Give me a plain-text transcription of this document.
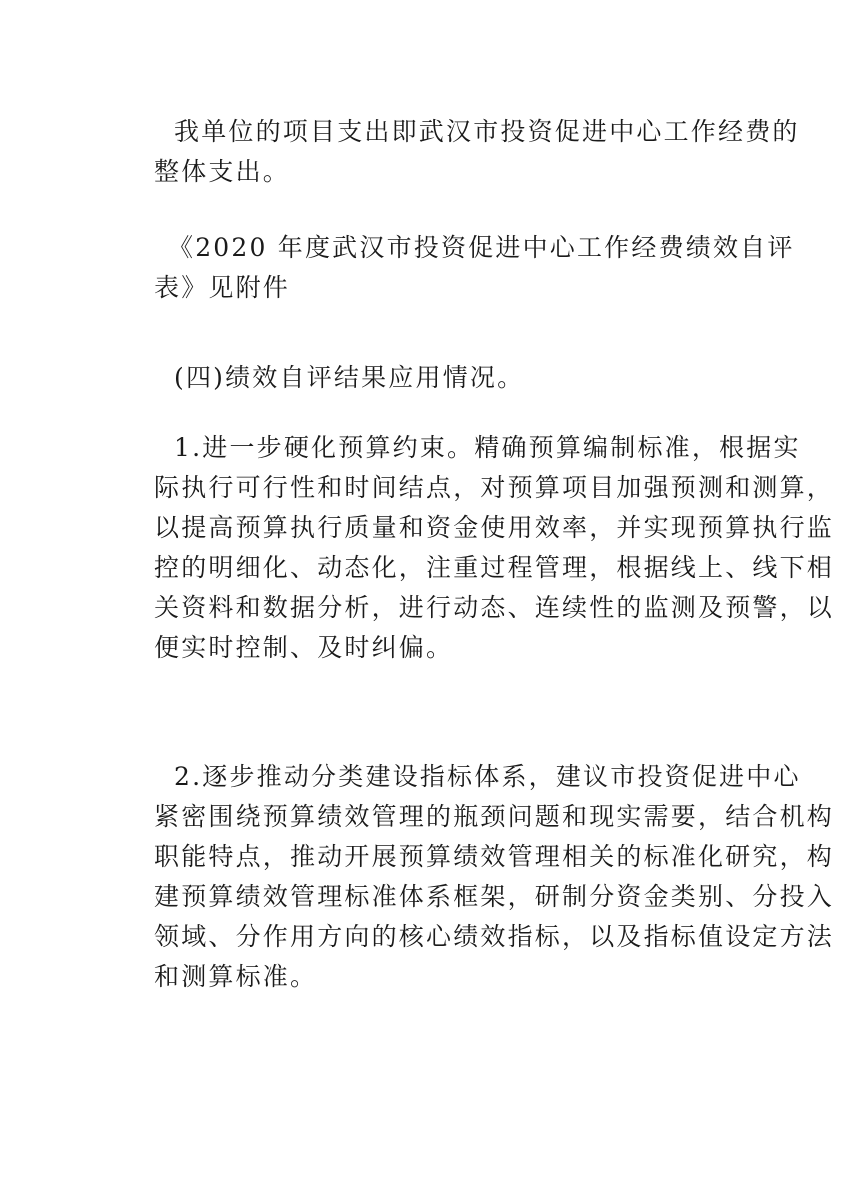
我单位的项目支出即武汉市投资促进中心工作经费的
整体支出。
《2020 年度武汉市投资促进中心工作经费绩效自评
表》见附件
(四)绩效自评结果应用情况。
1.进一步硬化预算约束。精确预算编制标准，根据实
际执行可行性和时间结点，对预算项目加强预测和测算，
以提高预算执行质量和资金使用效率，并实现预算执行监
控的明细化、动态化，注重过程管理，根据线上、线下相
关资料和数据分析，进行动态、连续性的监测及预警，以
便实时控制、及时纠偏。
2.逐步推动分类建设指标体系，建议市投资促进中心
紧密围绕预算绩效管理的瓶颈问题和现实需要，结合机构
职能特点，推动开展预算绩效管理相关的标准化研究，构
建预算绩效管理标准体系框架，研制分资金类别、分投入
领域、分作用方向的核心绩效指标，以及指标值设定方法
和测算标准。
